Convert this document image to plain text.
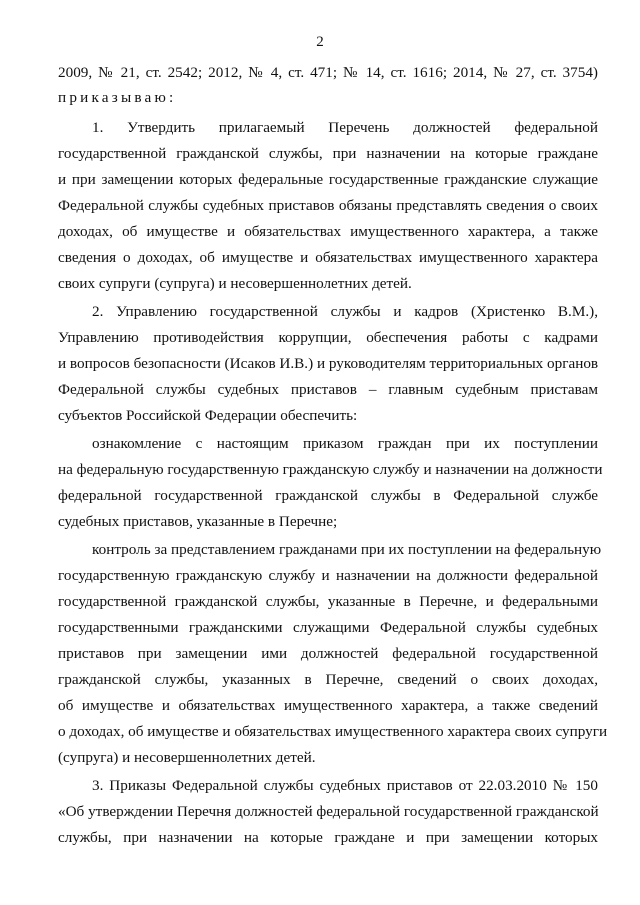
2
2009, № 21, ст. 2542; 2012, № 4, ст. 471; № 14, ст. 1616; 2014, № 27, ст. 3754)
приказываю:
1. Утвердить прилагаемый Перечень должностей федеральной
государственной гражданской службы, при назначении на которые граждане
и при замещении которых федеральные государственные гражданские служащие
Федеральной службы судебных приставов обязаны представлять сведения о своих
доходах, об имуществе и обязательствах имущественного характера, а также
сведения о доходах, об имуществе и обязательствах имущественного характера
своих супруги (супруга) и несовершеннолетних детей.
2. Управлению государственной службы и кадров (Христенко В.М.),
Управлению противодействия коррупции, обеспечения работы с кадрами
и вопросов безопасности (Исаков И.В.) и руководителям территориальных органов
Федеральной службы судебных приставов – главным судебным приставам
субъектов Российской Федерации обеспечить:
ознакомление с настоящим приказом граждан при их поступлении
на федеральную государственную гражданскую службу и назначении на должности
федеральной государственной гражданской службы в Федеральной службе
судебных приставов, указанные в Перечне;
контроль за представлением гражданами при их поступлении на федеральную
государственную гражданскую службу и назначении на должности федеральной
государственной гражданской службы, указанные в Перечне, и федеральными
государственными гражданскими служащими Федеральной службы судебных
приставов при замещении ими должностей федеральной государственной
гражданской службы, указанных в Перечне, сведений о своих доходах,
об имуществе и обязательствах имущественного характера, а также сведений
о доходах, об имуществе и обязательствах имущественного характера своих супруги
(супруга) и несовершеннолетних детей.
3. Приказы Федеральной службы судебных приставов от 22.03.2010 № 150
«Об утверждении Перечня должностей федеральной государственной гражданской
службы, при назначении на которые граждане и при замещении которых
